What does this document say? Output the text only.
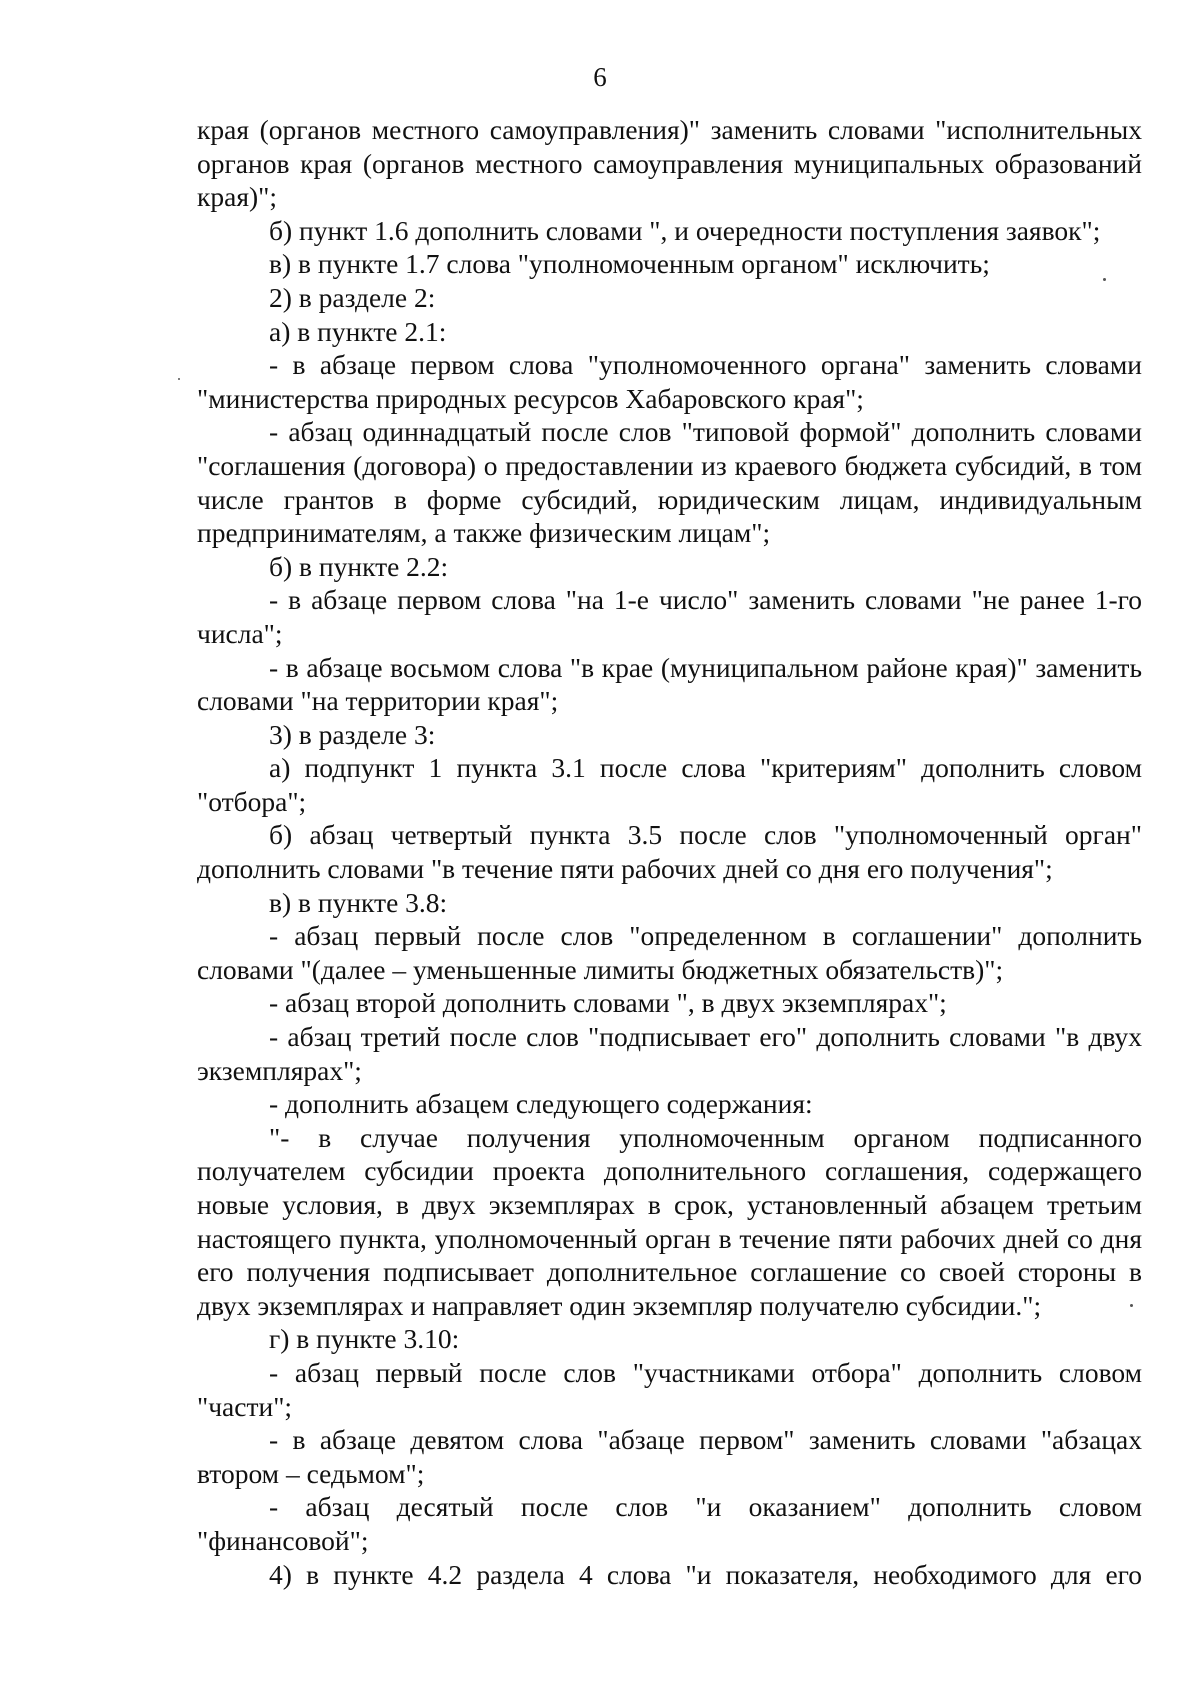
6

края (органов местного самоуправления)" заменить словами "исполнительных органов края (органов местного самоуправления муниципальных образований края)";

б) пункт 1.6 дополнить словами ", и очередности поступления заявок";

в) в пункте 1.7 слова "уполномоченным органом" исключить;

2) в разделе 2:

а) в пункте 2.1:

- в абзаце первом слова "уполномоченного органа" заменить словами "министерства природных ресурсов Хабаровского края";

- абзац одиннадцатый после слов "типовой формой" дополнить словами "соглашения (договора) о предоставлении из краевого бюджета субсидий, в том числе грантов в форме субсидий, юридическим лицам, индивидуальным предпринимателям, а также физическим лицам";

б) в пункте 2.2:

- в абзаце первом слова "на 1-е число" заменить словами "не ранее 1-го числа";

- в абзаце восьмом слова "в крае (муниципальном районе края)" заменить словами "на территории края";

3) в разделе 3:

а) подпункт 1 пункта 3.1 после слова "критериям" дополнить словом "отбора";

б) абзац четвертый пункта 3.5 после слов "уполномоченный орган" дополнить словами "в течение пяти рабочих дней со дня его получения";

в) в пункте 3.8:

- абзац первый после слов "определенном в соглашении" дополнить словами "(далее – уменьшенные лимиты бюджетных обязательств)";

- абзац второй дополнить словами ", в двух экземплярах";

- абзац третий после слов "подписывает его" дополнить словами "в двух экземплярах";

- дополнить абзацем следующего содержания:

"- в случае получения уполномоченным органом подписанного получателем субсидии проекта дополнительного соглашения, содержащего новые условия, в двух экземплярах в срок, установленный абзацем третьим настоящего пункта, уполномоченный орган в течение пяти рабочих дней со дня его получения подписывает дополнительное соглашение со своей стороны в двух экземплярах и направляет один экземпляр получателю субсидии.";

г) в пункте 3.10:

- абзац первый после слов "участниками отбора" дополнить словом "части";

- в абзаце девятом слова "абзаце первом" заменить словами "абзацах втором – седьмом";

- абзац десятый после слов "и оказанием" дополнить словом "финансовой";

4) в пункте 4.2 раздела 4 слова "и показателя, необходимого для его
